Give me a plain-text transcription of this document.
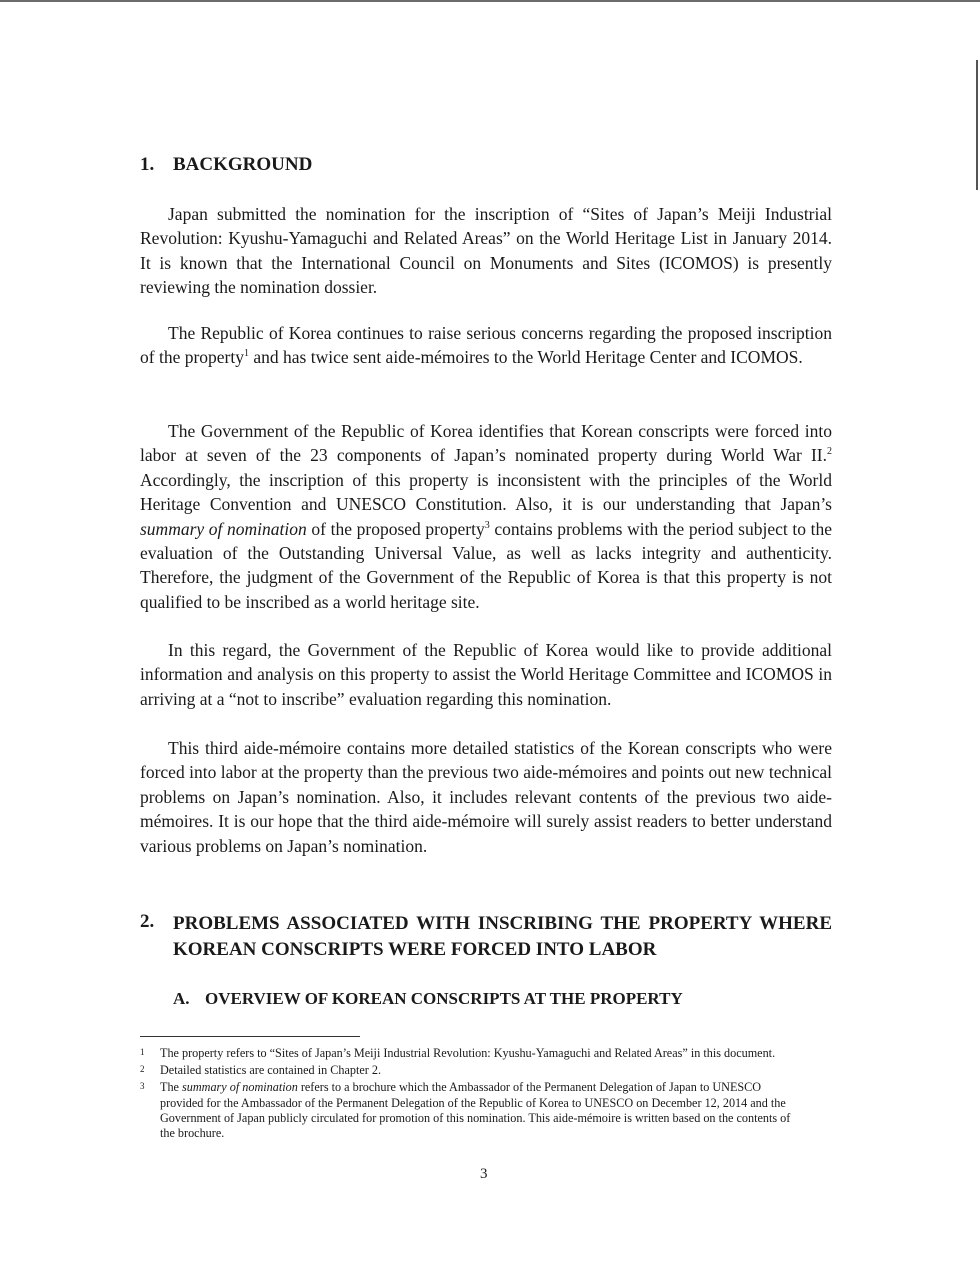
1. BACKGROUND

Japan submitted the nomination for the inscription of “Sites of Japan’s Meiji Industrial Revolution: Kyushu-Yamaguchi and Related Areas” on the World Heritage List in January 2014. It is known that the International Council on Monuments and Sites (ICOMOS) is presently reviewing the nomination dossier.

The Republic of Korea continues to raise serious concerns regarding the proposed inscription of the property$^1$ and has twice sent aide-mémoires to the World Heritage Center and ICOMOS.

The Government of the Republic of Korea identifies that Korean conscripts were forced into labor at seven of the 23 components of Japan’s nominated property during World War II.$^2$ Accordingly, the inscription of this property is inconsistent with the principles of the World Heritage Convention and UNESCO Constitution. Also, it is our understanding that Japan’s summary of nomination of the proposed property$^3$ contains problems with the period subject to the evaluation of the Outstanding Universal Value, as well as lacks integrity and authenticity. Therefore, the judgment of the Government of the Republic of Korea is that this property is not qualified to be inscribed as a world heritage site.

In this regard, the Government of the Republic of Korea would like to provide additional information and analysis on this property to assist the World Heritage Committee and ICOMOS in arriving at a “not to inscribe” evaluation regarding this nomination.

This third aide-mémoire contains more detailed statistics of the Korean conscripts who were forced into labor at the property than the previous two aide-mémoires and points out new technical problems on Japan’s nomination. Also, it includes relevant contents of the previous two aide-mémoires. It is our hope that the third aide-mémoire will surely assist readers to better understand various problems on Japan’s nomination.

2. PROBLEMS ASSOCIATED WITH INSCRIBING THE PROPERTY WHERE KOREAN CONSCRIPTS WERE FORCED INTO LABOR
A. OVERVIEW OF KOREAN CONSCRIPTS AT THE PROPERTY
1	The property refers to “Sites of Japan’s Meiji Industrial Revolution: Kyushu-Yamaguchi and Related Areas” in this document.
2	Detailed statistics are contained in Chapter 2.
3	The summary of nomination refers to a brochure which the Ambassador of the Permanent Delegation of Japan to UNESCO provided for the Ambassador of the Permanent Delegation of the Republic of Korea to UNESCO on December 12, 2014 and the Government of Japan publicly circulated for promotion of this nomination. This aide-mémoire is written based on the contents of the brochure.
3
